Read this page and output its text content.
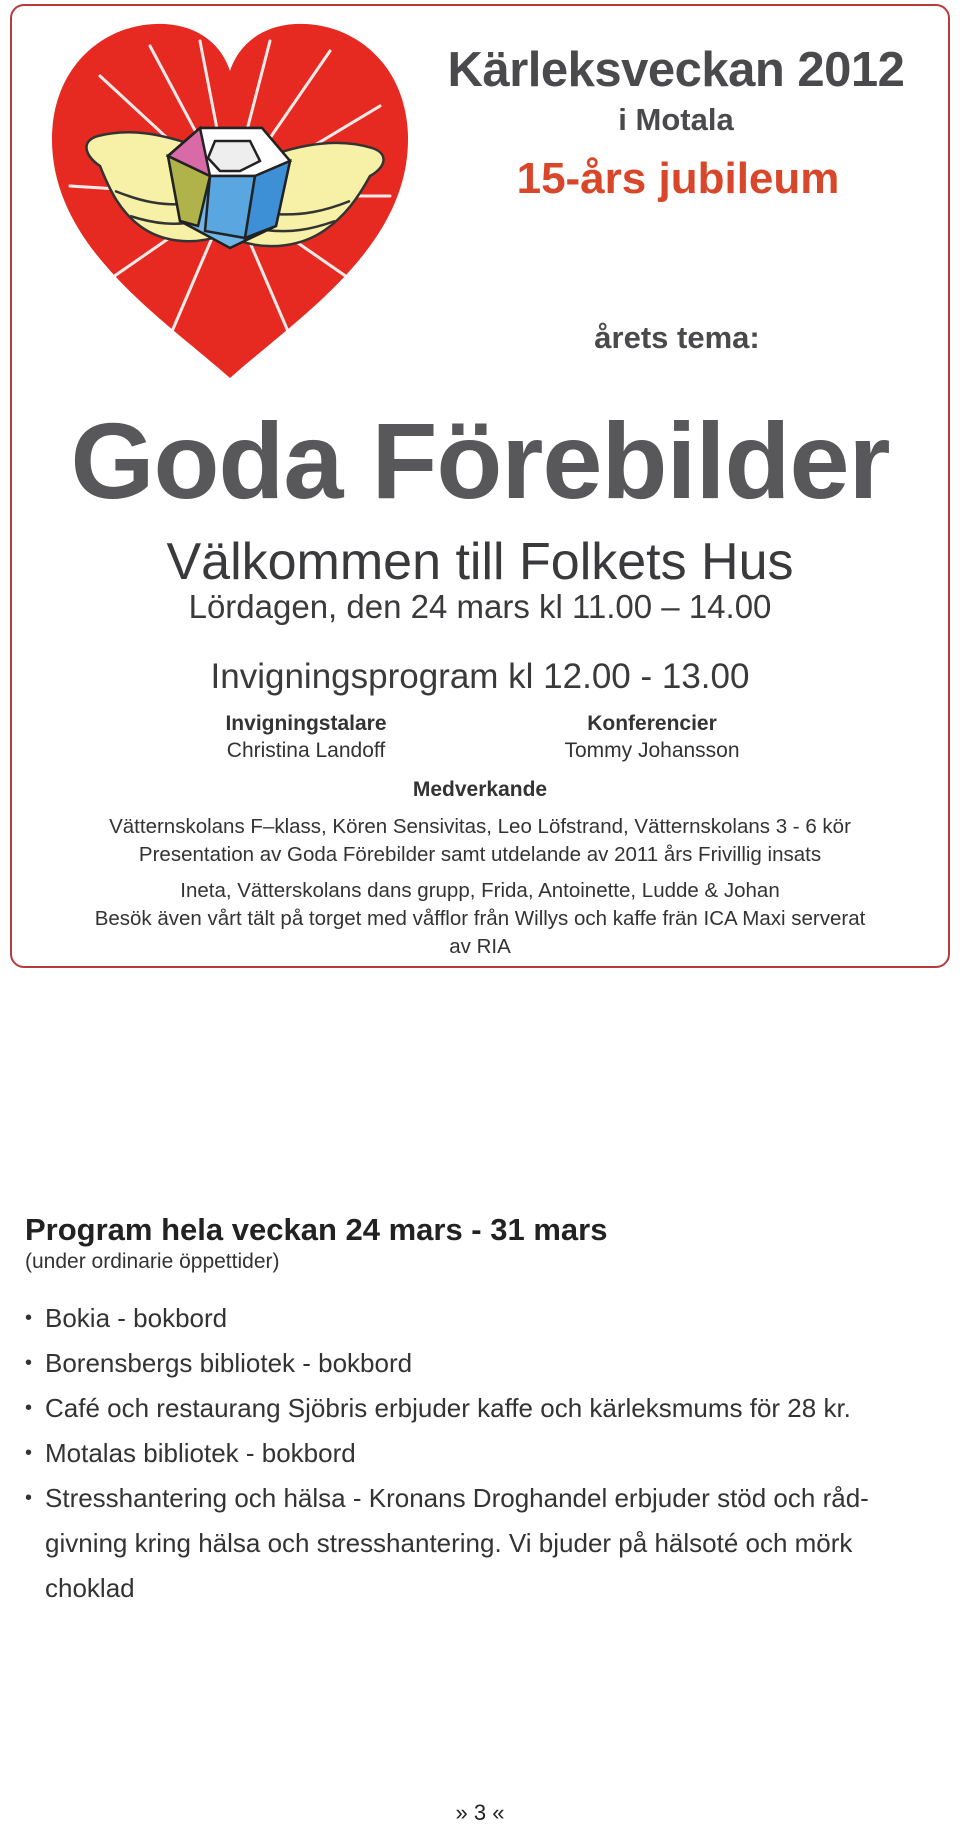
Kärleksveckan 2012

i Motala

15-års jubileum

årets tema:

Goda Förebilder

Välkommen till Folkets Hus

Lördagen, den 24 mars kl 11.00 – 14.00

Invigningsprogram kl 12.00 - 13.00

Invigningstalare

Christina Landoff

Konferencier

Tommy Johansson

Medverkande

Vätternskolans F–klass, Kören Sensivitas, Leo Löfstrand, Vätternskolans 3 - 6 kör

Presentation av Goda Förebilder samt utdelande av 2011 års Frivillig insats

Ineta, Vätterskolans dans grupp, Frida, Antoinette, Ludde & Johan

Besök även vårt tält på torget med våfflor från Willys och kaffe frän ICA Maxi serverat

av RIA

Program hela veckan 24 mars - 31 mars

(under ordinarie öppettider)

• Bokia - bokbord
• Borensbergs bibliotek - bokbord
• Café och restaurang Sjöbris erbjuder kaffe och kärleksmums för 28 kr.
• Motalas bibliotek - bokbord
• Stresshantering och hälsa - Kronans Droghandel erbjuder stöd och råd-givning kring hälsa och stresshantering. Vi bjuder på hälsoté och mörk choklad

» 3 «
